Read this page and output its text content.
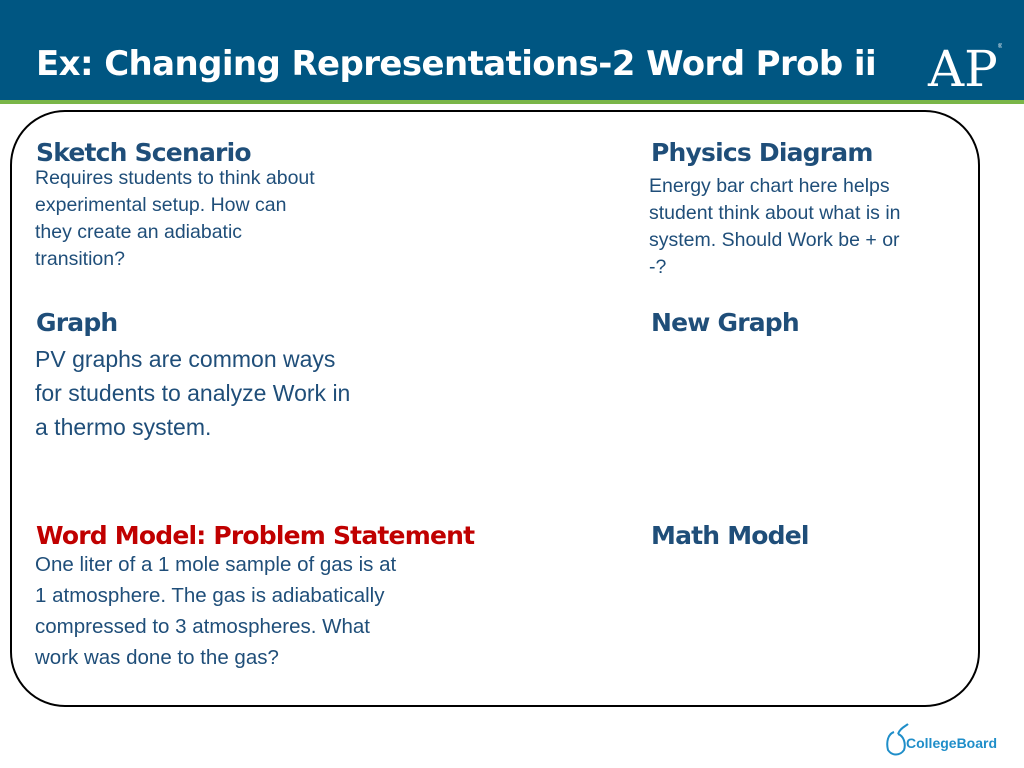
Ex: Changing Representations-2 Word Prob ii AP ®
Sketch Scenario
Requires students to think about
experimental setup. How can
they create an adiabatic
transition?
Physics Diagram
Energy bar chart here helps
student think about what is in
system. Should Work be + or
-?
Graph
PV graphs are common ways
for students to analyze Work in
a thermo system.
New Graph
Word Model: Problem Statement
One liter of a 1 mole sample of gas is at
1 atmosphere. The gas is adiabatically
compressed to 3 atmospheres. What
work was done to the gas?
Math Model
CollegeBoard
